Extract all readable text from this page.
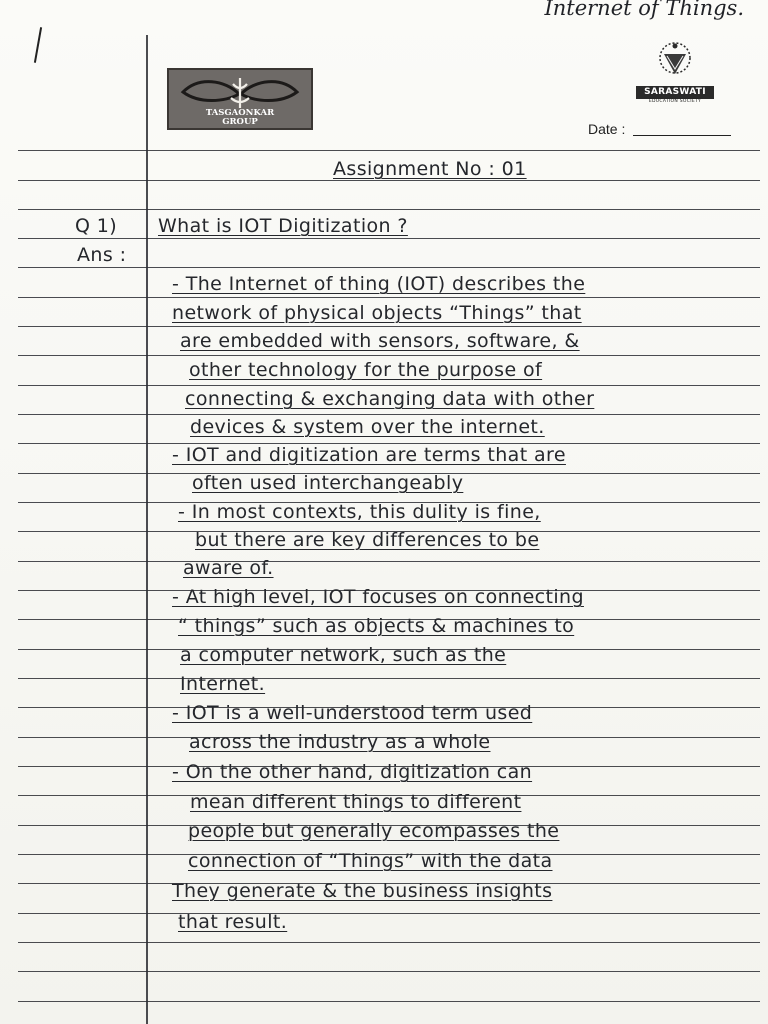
Internet of Things.
TASGAONKAR
GROUP
SARASWATI
EDUCATION SOCIETY
Date :
Assignment No : 01
Q 1) What is IOT Digitization ?
Ans :
- The Internet of thing (IOT) describes the
network of physical objects “Things” that
are embedded with sensors, software, &
other technology for the purpose of
connecting & exchanging data with other
devices & system over the internet.
- IOT and digitization are terms that are
often used interchangeably
- In most contexts, this dulity is fine,
but there are key differences to be
aware of.
- At high level, IOT focuses on connecting
“ things” such as objects & machines to
a computer network, such as the
Internet.
- IOT is a well-understood term used
across the industry as a whole
- On the other hand, digitization can
mean different things to different
people but generally ecompasses the
connection of “Things” with the data
They generate & the business insights
that result.
